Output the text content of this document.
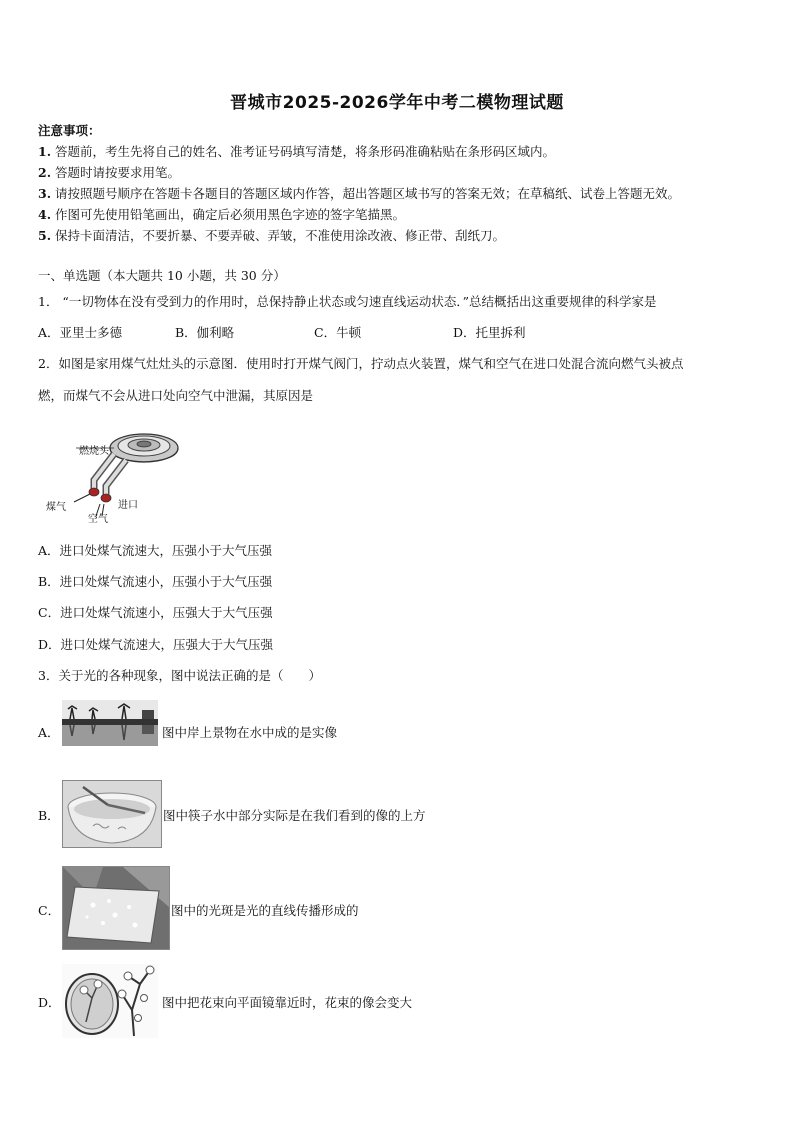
晋城市2025-2026学年中考二模物理试题
注意事项：
1. 答题前，考生先将自己的姓名、准考证号码填写清楚，将条形码准确粘贴在条形码区域内。
2. 答题时请按要求用笔。
3. 请按照题号顺序在答题卡各题目的答题区域内作答，超出答题区域书写的答案无效；在草稿纸、试卷上答题无效。
4. 作图可先使用铅笔画出，确定后必须用黑色字迹的签字笔描黑。
5. 保持卡面清洁，不要折暴、不要弄破、弄皱，不准使用涂改液、修正带、刮纸刀。
一、单选题（本大题共 10 小题，共 30 分）
1． “一切物体在没有受到力的作用时，总保持静止状态或匀速直线运动状态．”总结概括出这重要规律的科学家是
A．亚里士多德	B．伽利略	C．牛顿	D．托里拆利
2．如图是家用煤气灶灶头的示意图．使用时打开煤气阀门，拧动点火装置，煤气和空气在进口处混合流向燃气头被点
燃，而煤气不会从进口处向空气中泄漏，其原因是
燃烧头
煤气	进口
空气
A．进口处煤气流速大，压强小于大气压强
B．进口处煤气流速小，压强小于大气压强
C．进口处煤气流速小，压强大于大气压强
D．进口处煤气流速大，压强大于大气压强
3．关于光的各种现象，图中说法正确的是（　　）
A．	图中岸上景物在水中成的是实像
B．	图中筷子水中部分实际是在我们看到的像的上方
C．	图中的光斑是光的直线传播形成的
D．	图中把花束向平面镜靠近时，花束的像会变大
